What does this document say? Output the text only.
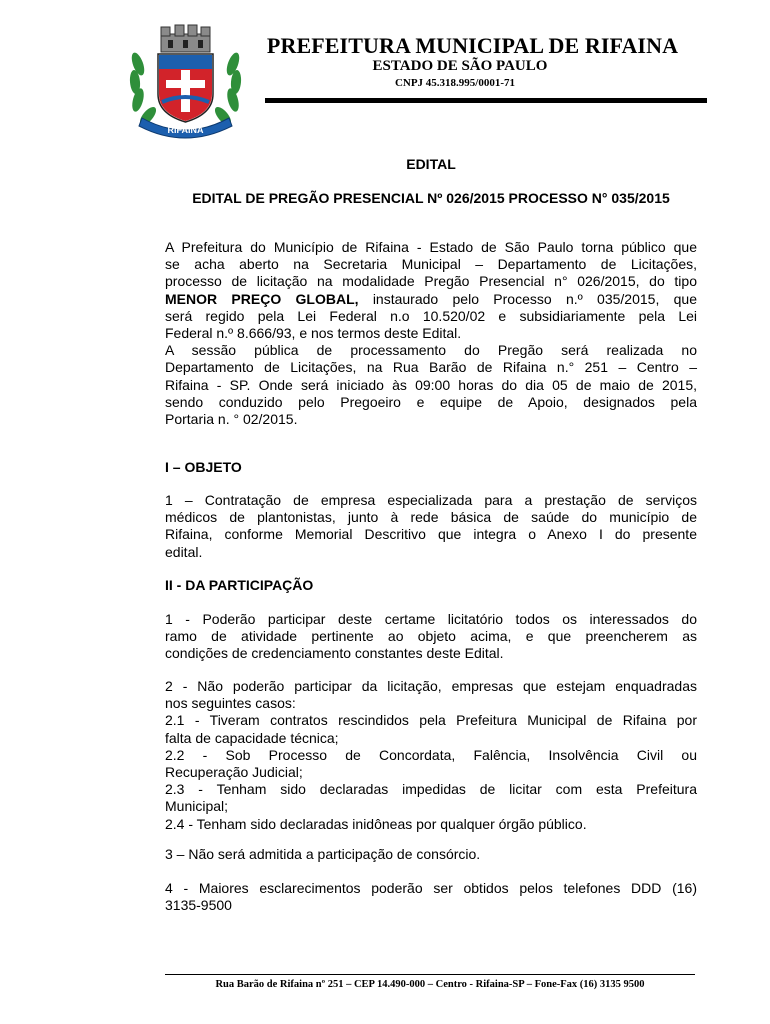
RIFAINA
PREFEITURA MUNICIPAL DE RIFAINA
ESTADO DE SÃO PAULO
CNPJ 45.318.995/0001-71
EDITAL
EDITAL DE PREGÃO PRESENCIAL Nº 026/2015 PROCESSO N° 035/2015
A Prefeitura do Município de Rifaina - Estado de São Paulo torna público que
se acha aberto na Secretaria Municipal – Departamento de Licitações,
processo de licitação na modalidade Pregão Presencial n° 026/2015, do tipo
MENOR PREÇO GLOBAL, instaurado pelo Processo n.º 035/2015, que
será regido pela Lei Federal n.o 10.520/02 e subsidiariamente pela Lei
Federal n.º 8.666/93, e nos termos deste Edital.
A sessão pública de processamento do Pregão será realizada no
Departamento de Licitações, na Rua Barão de Rifaina n.° 251 – Centro –
Rifaina - SP. Onde será iniciado às 09:00 horas do dia 05 de maio de 2015,
sendo conduzido pelo Pregoeiro e equipe de Apoio, designados pela
Portaria n. ° 02/2015.
I – OBJETO
1 – Contratação de empresa especializada para a prestação de serviços
médicos de plantonistas, junto à rede básica de saúde do município de
Rifaina, conforme Memorial Descritivo que integra o Anexo I do presente
edital.
II - DA PARTICIPAÇÃO
1 - Poderão participar deste certame licitatório todos os interessados do
ramo de atividade pertinente ao objeto acima, e que preencherem as
condições de credenciamento constantes deste Edital.
2 - Não poderão participar da licitação, empresas que estejam enquadradas
nos seguintes casos:
2.1 - Tiveram contratos rescindidos pela Prefeitura Municipal de Rifaina por
falta de capacidade técnica;
2.2 - Sob Processo de Concordata, Falência, Insolvência Civil ou
Recuperação Judicial;
2.3 - Tenham sido declaradas impedidas de licitar com esta Prefeitura
Municipal;
2.4 - Tenham sido declaradas inidôneas por qualquer órgão público.
3 – Não será admitida a participação de consórcio.
4 - Maiores esclarecimentos poderão ser obtidos pelos telefones DDD (16)
3135-9500
Rua Barão de Rifaina nº 251 – CEP 14.490-000 – Centro - Rifaina-SP – Fone-Fax (16) 3135 9500
